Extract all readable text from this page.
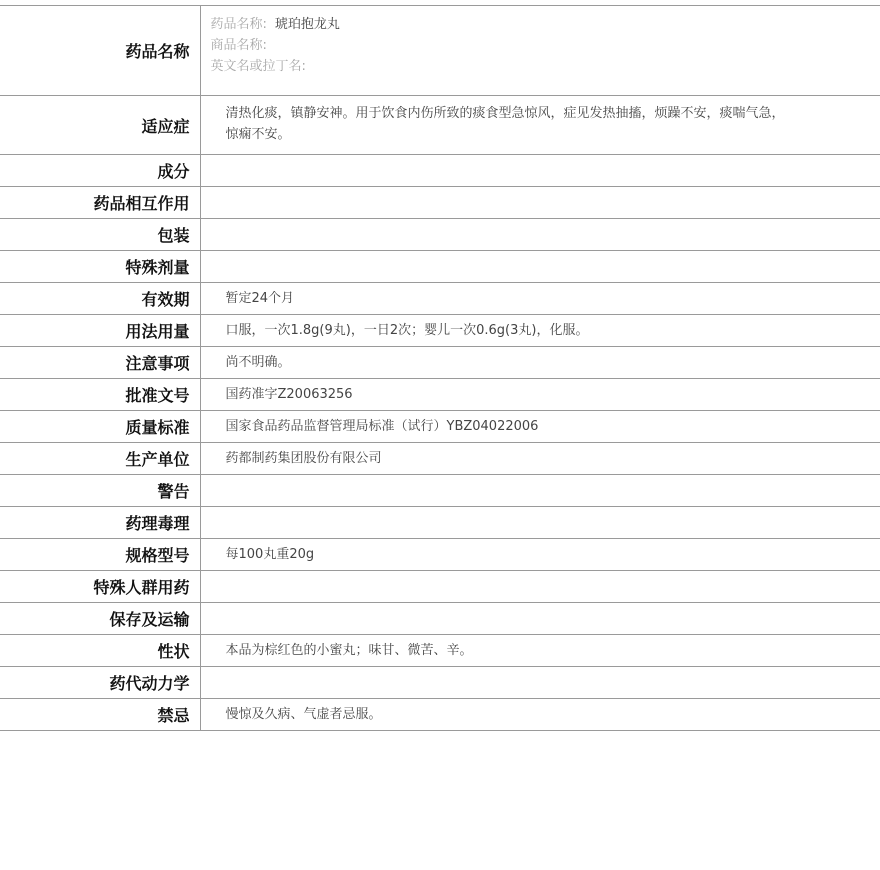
药品名称	药品名称: 琥珀抱龙丸
商品名称:
英文名或拉丁名:

适应症	清热化痰，镇静安神。用于饮食内伤所致的痰食型急惊风，症见发热抽搐，烦躁不安，痰喘气急，惊痫不安。
成分	
药品相互作用	
包装	
特殊剂量	
有效期	暂定24个月
用法用量	口服，一次1.8g(9丸)，一日2次；婴儿一次0.6g(3丸)，化服。
注意事项	尚不明确。
批准文号	国药准字Z20063256
质量标准	国家食品药品监督管理局标准（试行）YBZ04022006
生产单位	药都制药集团股份有限公司
警告	
药理毒理	
规格型号	每100丸重20g
特殊人群用药	
保存及运输	
性状	本品为棕红色的小蜜丸；味甘、微苦、辛。
药代动力学	
禁忌	慢惊及久病、气虚者忌服。
